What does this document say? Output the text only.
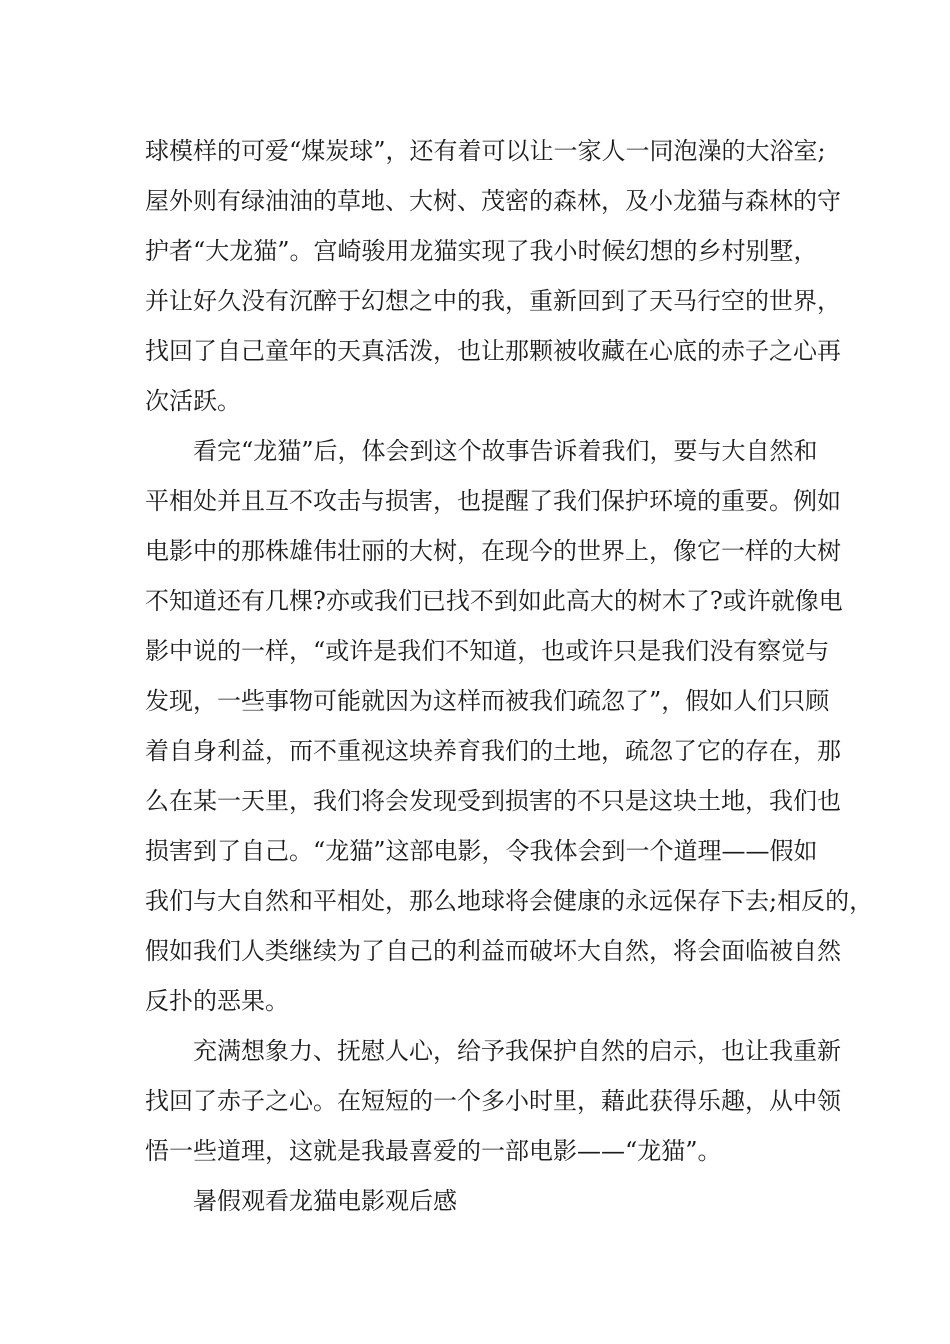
球模样的可爱“煤炭球”，还有着可以让一家人一同泡澡的大浴室;
屋外则有绿油油的草地、大树、茂密的森林，及小龙猫与森林的守
护者“大龙猫”。宫崎骏用龙猫实现了我小时候幻想的乡村别墅，
并让好久没有沉醉于幻想之中的我，重新回到了天马行空的世界，
找回了自己童年的天真活泼，也让那颗被收藏在心底的赤子之心再
次活跃。
看完“龙猫”后，体会到这个故事告诉着我们，要与大自然和
平相处并且互不攻击与损害，也提醒了我们保护环境的重要。例如
电影中的那株雄伟壮丽的大树，在现今的世界上，像它一样的大树
不知道还有几棵?亦或我们已找不到如此高大的树木了?或许就像电
影中说的一样，“或许是我们不知道，也或许只是我们没有察觉与
发现，一些事物可能就因为这样而被我们疏忽了”，假如人们只顾
着自身利益，而不重视这块养育我们的土地，疏忽了它的存在，那
么在某一天里，我们将会发现受到损害的不只是这块土地，我们也
损害到了自己。“龙猫”这部电影，令我体会到一个道理——假如
我们与大自然和平相处，那么地球将会健康的永远保存下去;相反的，
假如我们人类继续为了自己的利益而破坏大自然，将会面临被自然
反扑的恶果。
充满想象力、抚慰人心，给予我保护自然的启示，也让我重新
找回了赤子之心。在短短的一个多小时里，藉此获得乐趣，从中领
悟一些道理，这就是我最喜爱的一部电影——“龙猫”。
暑假观看龙猫电影观后感
